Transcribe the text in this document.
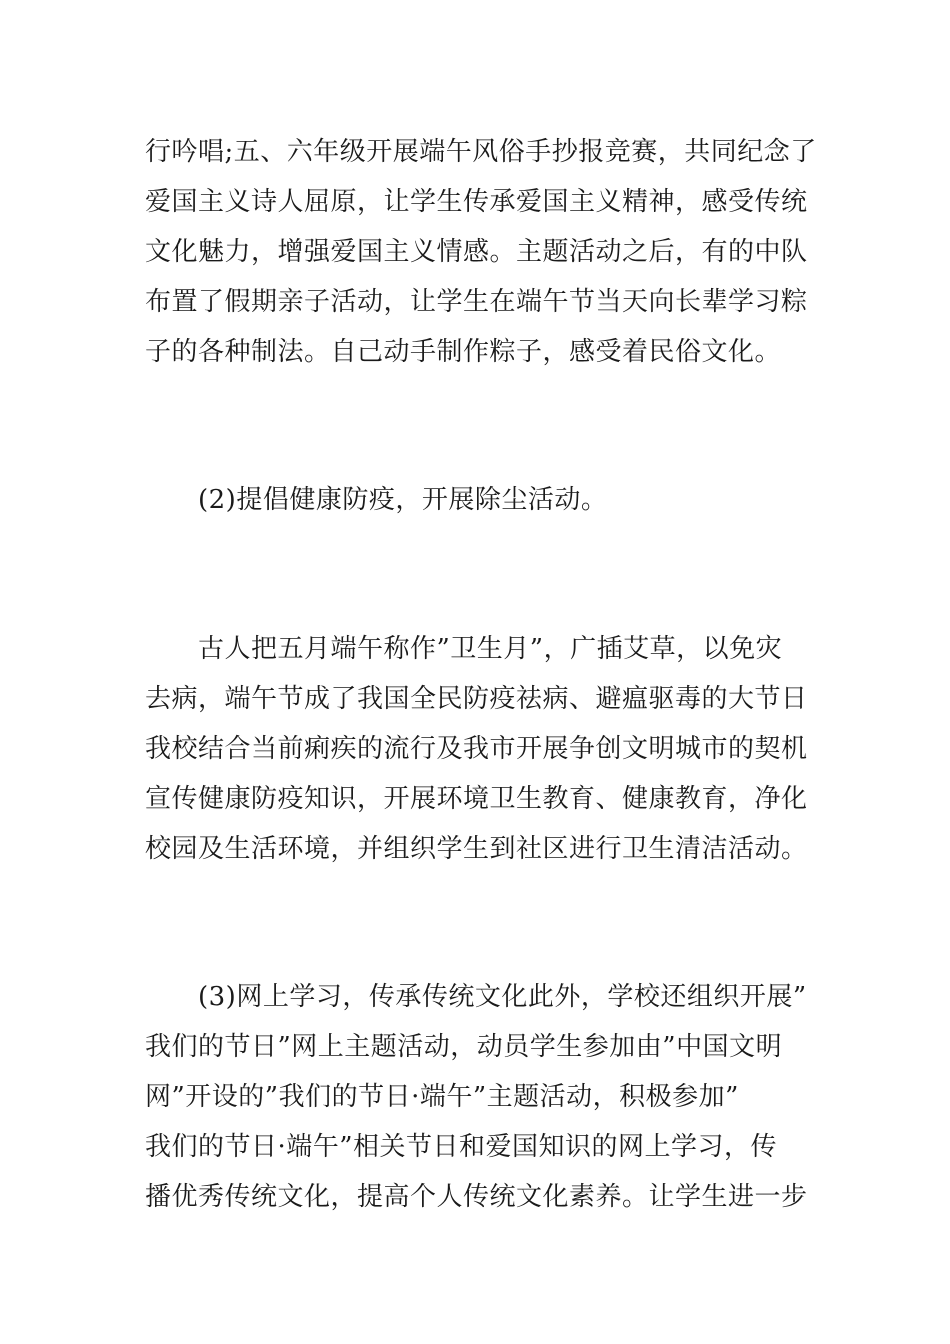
行吟唱;五、六年级开展端午风俗手抄报竞赛，共同纪念了
爱国主义诗人屈原，让学生传承爱国主义精神，感受传统
文化魅力，增强爱国主义情感。主题活动之后，有的中队
布置了假期亲子活动，让学生在端午节当天向长辈学习粽
子的各种制法。自己动手制作粽子，感受着民俗文化。
(2)提倡健康防疫，开展除尘活动。
古人把五月端午称作”卫生月”，广插艾草，以免灾
去病，端午节成了我国全民防疫祛病、避瘟驱毒的大节日
我校结合当前痢疾的流行及我市开展争创文明城市的契机
宣传健康防疫知识，开展环境卫生教育、健康教育，净化
校园及生活环境，并组织学生到社区进行卫生清洁活动。
(3)网上学习，传承传统文化此外，学校还组织开展”
我们的节日”网上主题活动，动员学生参加由”中国文明
网”开设的”我们的节日·端午”主题活动，积极参加”
我们的节日·端午”相关节日和爱国知识的网上学习，传
播优秀传统文化，提高个人传统文化素养。让学生进一步
